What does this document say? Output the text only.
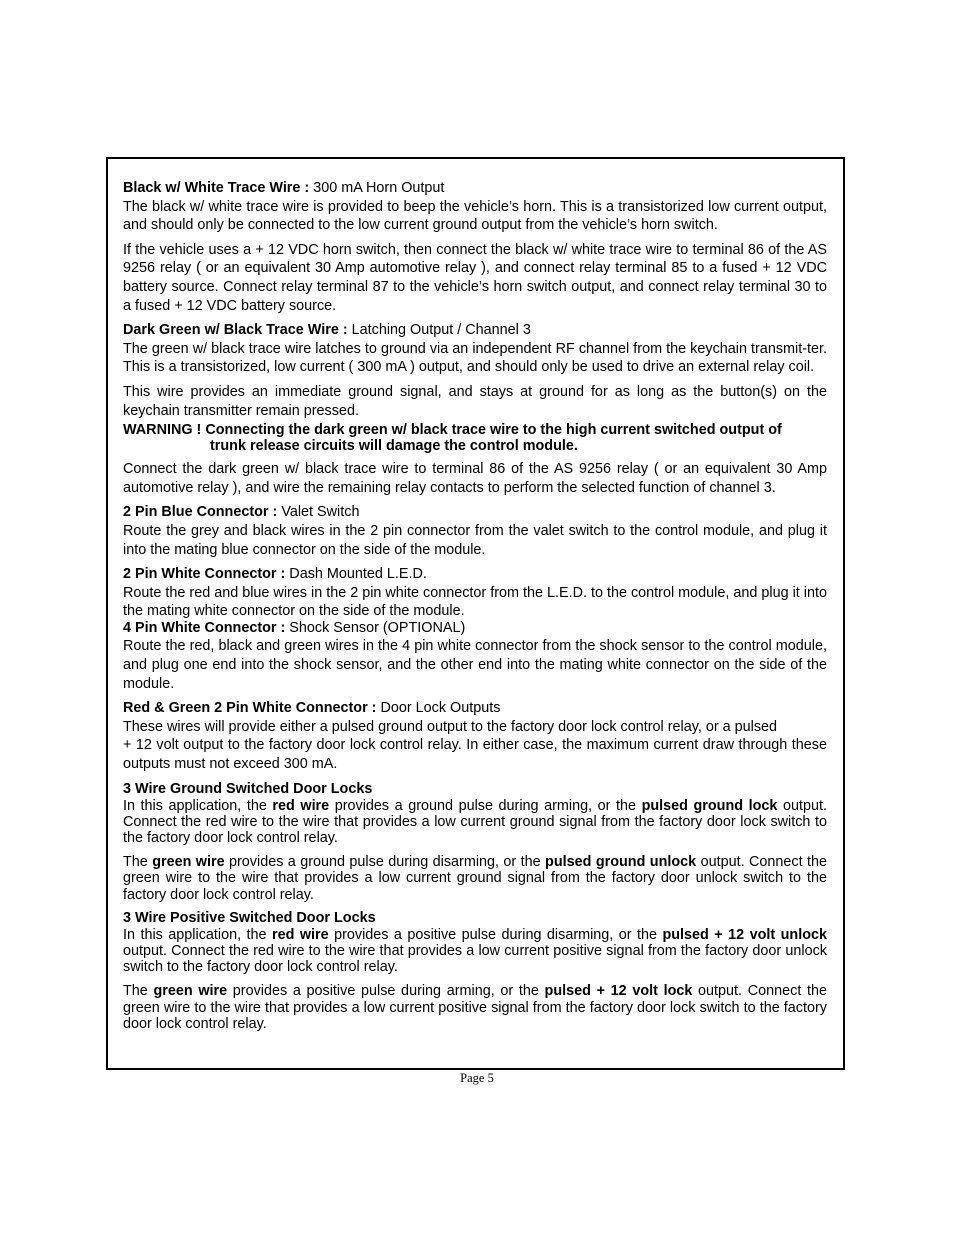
Black w/ White Trace Wire : 300 mA Horn Output

The black w/ white trace wire is provided to beep the vehicle’s horn. This is a transistorized low current output, and should only be connected to the low current ground output from the vehicle’s horn switch.

If the vehicle uses a + 12 VDC horn switch, then connect the black w/ white trace wire to terminal 86 of the AS 9256 relay ( or an equivalent 30 Amp automotive relay ), and connect relay terminal 85 to a fused + 12 VDC battery source. Connect relay terminal 87 to the vehicle’s horn switch output, and connect relay terminal 30 to a fused + 12 VDC battery source.

Dark Green w/ Black Trace Wire : Latching Output / Channel 3

The green w/ black trace wire latches to ground via an independent RF channel from the keychain transmit-ter. This is a transistorized, low current ( 300 mA ) output, and should only be used to drive an external relay coil.

This wire provides an immediate ground signal, and stays at ground for as long as the button(s) on the keychain transmitter remain pressed.

WARNING ! Connecting the dark green w/ black trace wire to the high current switched output of
trunk release circuits will damage the control module.

Connect the dark green w/ black trace wire to terminal 86 of the AS 9256 relay ( or an equivalent 30 Amp automotive relay ), and wire the remaining relay contacts to perform the selected function of channel 3.

2 Pin Blue Connector : Valet Switch

Route the grey and black wires in the 2 pin connector from the valet switch to the control module, and plug it into the mating blue connector on the side of the module.

2 Pin White Connector : Dash Mounted L.E.D.

Route the red and blue wires in the 2 pin white connector from the L.E.D. to the control module, and plug it into the mating white connector on the side of the module.

4 Pin White Connector : Shock Sensor (OPTIONAL)

Route the red, black and green wires in the 4 pin white connector from the shock sensor to the control module, and plug one end into the shock sensor, and the other end into the mating white connector on the side of the module.

Red & Green 2 Pin White Connector : Door Lock Outputs

These wires will provide either a pulsed ground output to the factory door lock control relay, or a pulsed

+ 12 volt output to the factory door lock control relay. In either case, the maximum current draw through these outputs must not exceed 300 mA.

3 Wire Ground Switched Door Locks

In this application, the red wire provides a ground pulse during arming, or the pulsed ground lock output. Connect the red wire to the wire that provides a low current ground signal from the factory door lock switch to the factory door lock control relay.

The green wire provides a ground pulse during disarming, or the pulsed ground unlock output. Connect the green wire to the wire that provides a low current ground signal from the factory door unlock switch to the factory door lock control relay.

3 Wire Positive Switched Door Locks

In this application, the red wire provides a positive pulse during disarming, or the pulsed + 12 volt unlock output. Connect the red wire to the wire that provides a low current positive signal from the factory door unlock switch to the factory door lock control relay.

The green wire provides a positive pulse during arming, or the pulsed + 12 volt lock output. Connect the green wire to the wire that provides a low current positive signal from the factory door lock switch to the factory door lock control relay.

Page 5
